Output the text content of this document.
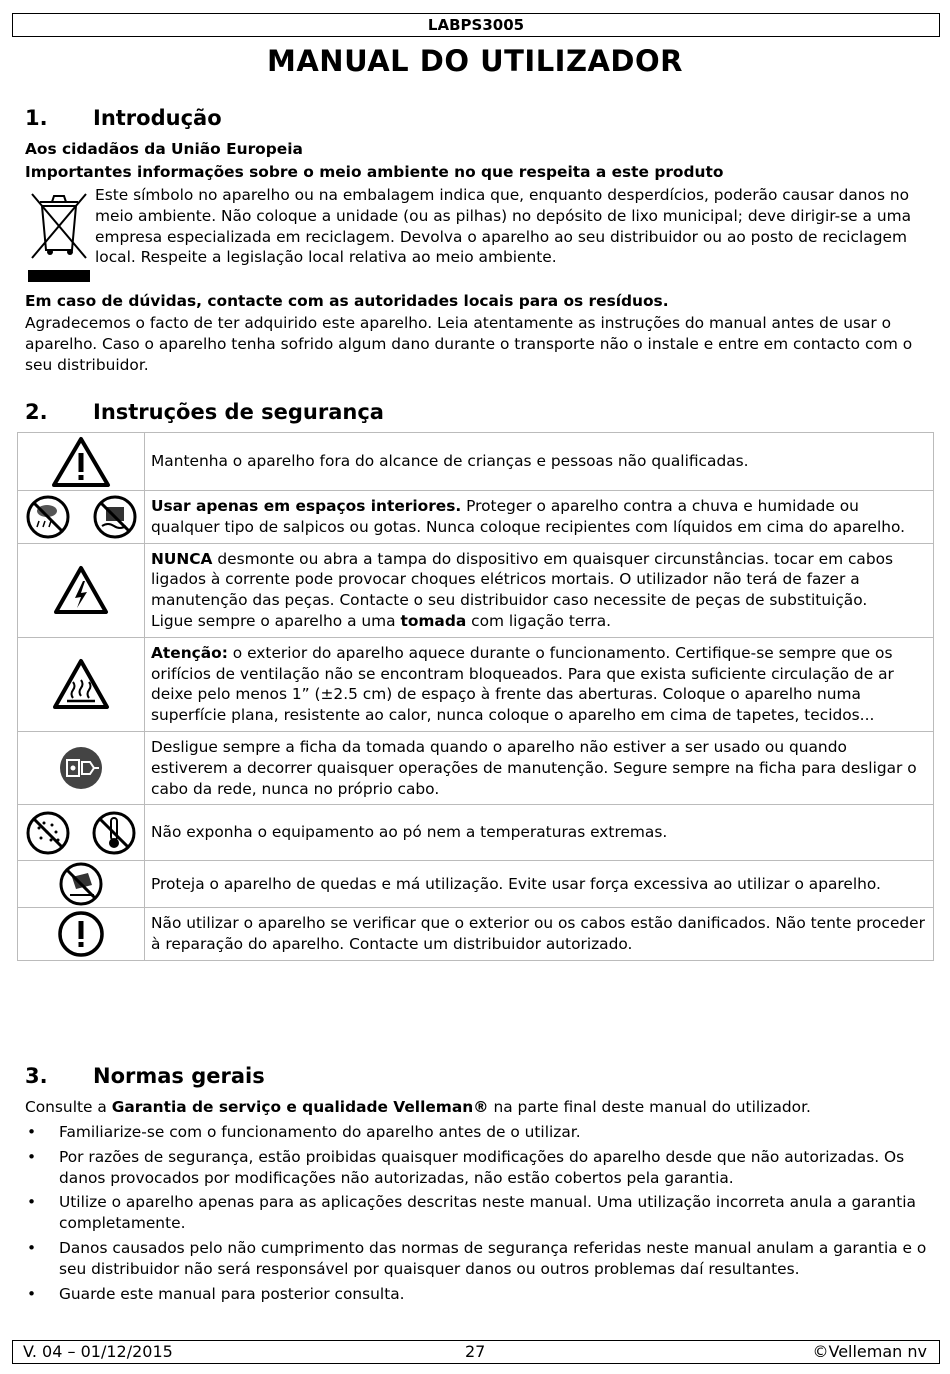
LABPS3005
MANUAL DO UTILIZADOR
1. Introdução
Aos cidadãos da União Europeia
Importantes informações sobre o meio ambiente no que respeita a este produto
Este símbolo no aparelho ou na embalagem indica que, enquanto desperdícios, poderão causar danos no meio ambiente. Não coloque a unidade (ou as pilhas) no depósito de lixo municipal; deve dirigir-se a uma empresa especializada em reciclagem. Devolva o aparelho ao seu distribuidor ou ao posto de reciclagem local. Respeite a legislação local relativa ao meio ambiente.
Em caso de dúvidas, contacte com as autoridades locais para os resíduos.
Agradecemos o facto de ter adquirido este aparelho. Leia atentamente as instruções do manual antes de usar o aparelho. Caso o aparelho tenha sofrido algum dano durante o transporte não o instale e entre em contacto com o seu distribuidor.
2. Instruções de segurança
	Mantenha o aparelho fora do alcance de crianças e pessoas não qualificadas.

	Usar apenas em espaços interiores. Proteger o aparelho contra a chuva e humidade ou qualquer tipo de salpicos ou gotas. Nunca coloque recipientes com líquidos em cima do aparelho.

	NUNCA desmonte ou abra a tampa do dispositivo em quaisquer circunstâncias. tocar em cabos ligados à corrente pode provocar choques elétricos mortais. O utilizador não terá de fazer a manutenção das peças. Contacte o seu distribuidor caso necessite de peças de substituição.
Ligue sempre o aparelho a uma tomada com ligação terra.

	Atenção: o exterior do aparelho aquece durante o funcionamento. Certifique-se sempre que os orifícios de ventilação não se encontram bloqueados. Para que exista suficiente circulação de ar deixe pelo menos 1” (±2.5 cm) de espaço à frente das aberturas. Coloque o aparelho numa superfície plana, resistente ao calor, nunca coloque o aparelho em cima de tapetes, tecidos...

	Desligue sempre a ficha da tomada quando o aparelho não estiver a ser usado ou quando estiverem a decorrer quaisquer operações de manutenção. Segure sempre na ficha para desligar o cabo da rede, nunca no próprio cabo.

	Não exponha o equipamento ao pó nem a temperaturas extremas.

	Proteja o aparelho de quedas e má utilização. Evite usar força excessiva ao utilizar o aparelho.

	Não utilizar o aparelho se verificar que o exterior ou os cabos estão danificados. Não tente proceder à reparação do aparelho. Contacte um distribuidor autorizado.
3. Normas gerais
Consulte a Garantia de serviço e qualidade Velleman® na parte final deste manual do utilizador.
• Familiarize-se com o funcionamento do aparelho antes de o utilizar.
• Por razões de segurança, estão proibidas quaisquer modificações do aparelho desde que não autorizadas. Os danos provocados por modificações não autorizadas, não estão cobertos pela garantia.
• Utilize o aparelho apenas para as aplicações descritas neste manual. Uma utilização incorreta anula a garantia completamente.
• Danos causados pelo não cumprimento das normas de segurança referidas neste manual anulam a garantia e o seu distribuidor não será responsável por quaisquer danos ou outros problemas daí resultantes.
• Guarde este manual para posterior consulta.
V. 04 – 01/12/2015	27	©Velleman nv
